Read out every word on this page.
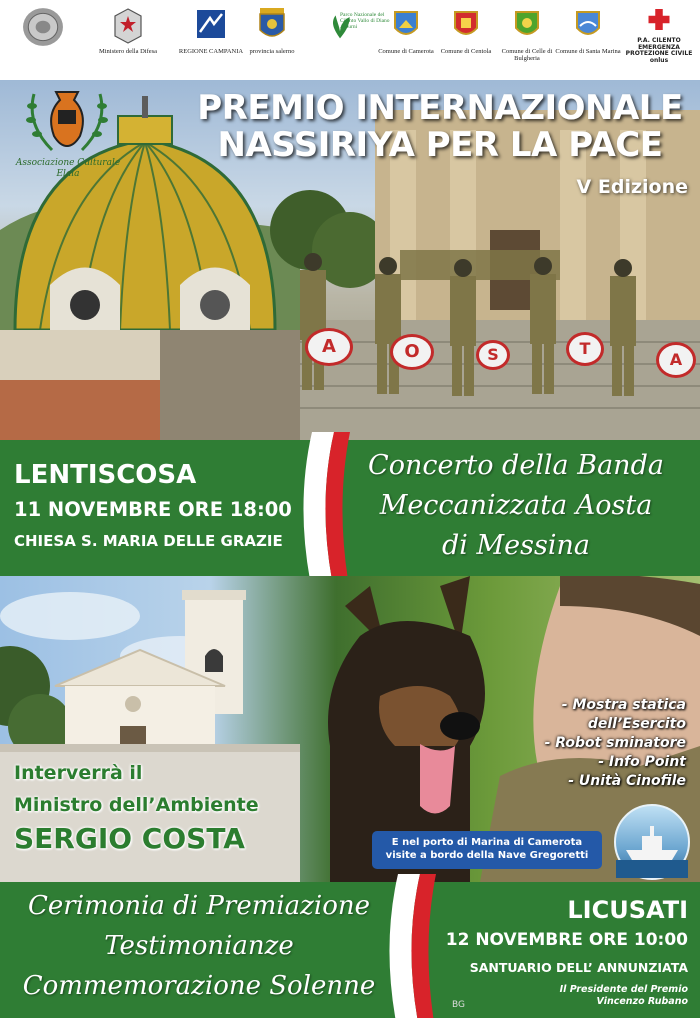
Ministero della Difesa	REGIONE CAMPANIA provincia salerno
Parco Nazionale del Cilento Vallo di Diano Alburni
Comune di Camerota Comune di Centola Comune di Celle di Bulgheria
Comune di Santa Marina
P.A. CILENTO EMERGENZA PROTEZIONE CIVILE onlus
A	O	S	T
A
Associazione Culturale Elaia
PREMIO INTERNAZIONALE
NASSIRIYA PER LA PACE
V Edizione
LENTISCOSA
11 NOVEMBRE ORE 18:00
CHIESA S. MARIA DELLE GRAZIE
Concerto della Banda
Meccanizzata Aosta
di Messina
Interverrà il
Ministro dell’Ambiente
SERGIO COSTA
- Mostra statica
dell’Esercito
- Robot sminatore
- Info Point
- Unità Cinofile
E nel porto di Marina di Camerota
visite a bordo della Nave Gregoretti
Cerimonia di Premiazione
Testimonianze
Commemorazione Solenne
LICUSATI
12 NOVEMBRE ORE 10:00
SANTUARIO DELL’ ANNUNZIATA
Il Presidente del Premio
Vincenzo Rubano
BG
